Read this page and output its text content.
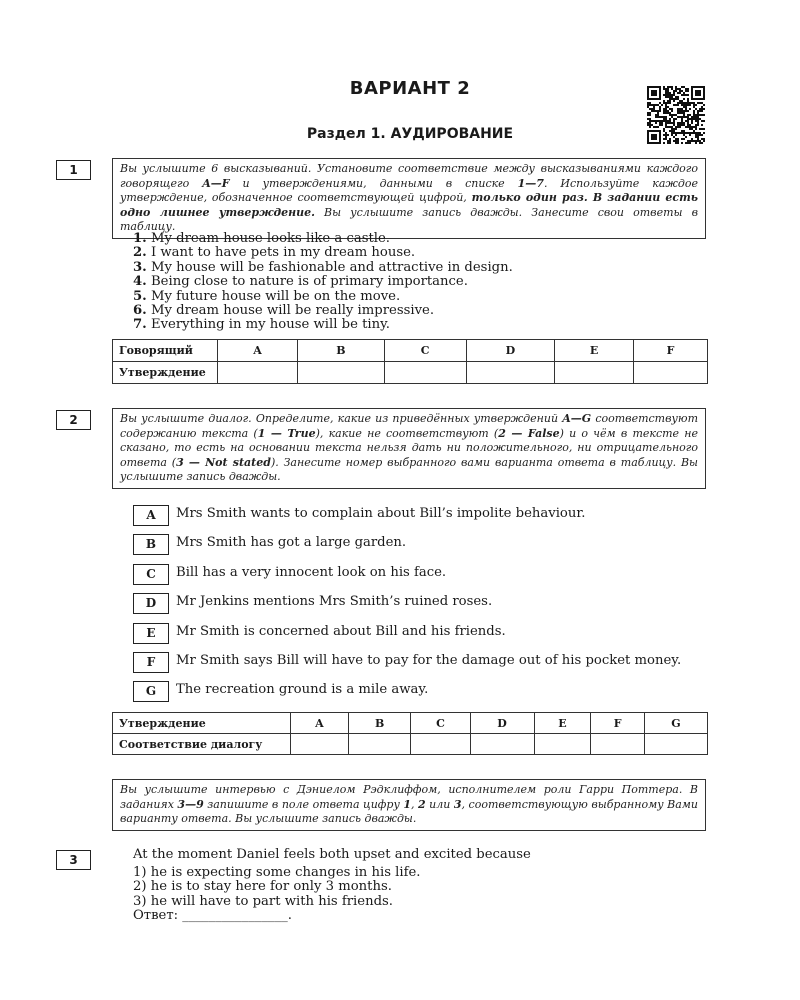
ВАРИАНТ 2
Раздел 1. АУДИРОВАНИЕ
1	Вы услышите 6 высказываний. Установите соответствие между высказываниями каждого говорящего A—F и утверждениями, данными в списке 1—7. Используйте каждое утверждение, обозначенное соответствующей цифрой, только один раз. В задании есть одно лишнее утверждение. Вы услышите запись дважды. Занесите свои ответы в таблицу.
1. My dream house looks like a castle.
2. I want to have pets in my dream house.
3. My house will be fashionable and attractive in design.
4. Being close to nature is of primary importance.
5. My future house will be on the move.
6. My dream house will be really impressive.
7. Everything in my house will be tiny.
Говорящий	A	B	C	D	E	F
Утверждение						
2	Вы услышите диалог. Определите, какие из приведённых утверждений A—G соответствуют содержанию текста (1 — True), какие не соответствуют (2 — False) и о чём в тексте не сказано, то есть на основании текста нельзя дать ни положительного, ни отрицательного ответа (3 — Not stated). Занесите номер выбранного вами варианта ответа в таблицу. Вы услышите запись дважды.
A	Mrs Smith wants to complain about Bill’s impolite behaviour.
B	Mrs Smith has got a large garden.
C	Bill has a very innocent look on his face.
D	Mr Jenkins mentions Mrs Smith’s ruined roses.
E	Mr Smith is concerned about Bill and his friends.
F	Mr Smith says Bill will have to pay for the damage out of his pocket money.
G	The recreation ground is a mile away.
Утверждение	A	B	C	D	E	F	G
Соответствие диалогу							
Вы услышите интервью с Дэниелом Рэдклиффом, исполнителем роли Гарри Поттера. В заданиях 3—9 запишите в поле ответа цифру 1, 2 или 3, соответствующую выбранному Вами варианту ответа. Вы услышите запись дважды.
3	At the moment Daniel feels both upset and excited because
1) he is expecting some changes in his life.
2) he is to stay here for only 3 months.
3) he will have to part with his friends.
Ответ: ________________.
